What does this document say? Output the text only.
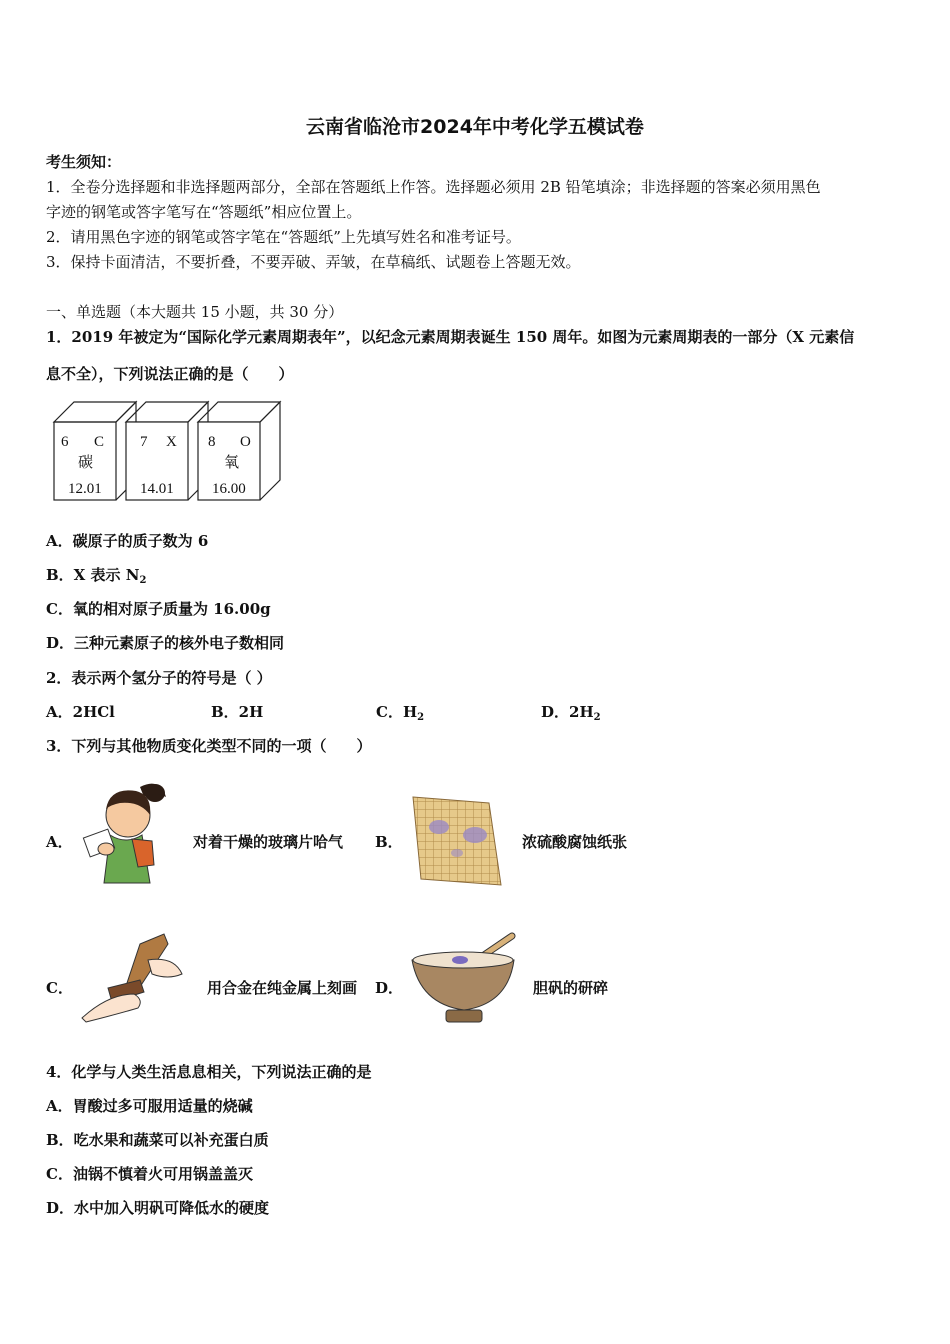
云南省临沧市2024年中考化学五模试卷
考生须知：
1．全卷分选择题和非选择题两部分，全部在答题纸上作答。选择题必须用 2B 铅笔填涂；非选择题的答案必须用黑色
字迹的钢笔或答字笔写在“答题纸”相应位置上。
2．请用黑色字迹的钢笔或答字笔在“答题纸”上先填写姓名和准考证号。
3．保持卡面清洁，不要折叠，不要弄破、弄皱，在草稿纸、试题卷上答题无效。
一、单选题（本大题共 15 小题，共 30 分）
1．2019 年被定为“国际化学元素周期表年”，以纪念元素周期表诞生 150 周年。如图为元素周期表的一部分（X 元素信
息不全），下列说法正确的是（　　）
6 C
碳
12.01
7 X
14.01
8 O
氧
16.00
A．碳原子的质子数为 6
B．X 表示 $N_2$
C．氧的相对原子质量为 16.00g
D．三种元素原子的核外电子数相同
2．表示两个氢分子的符号是（ ）
A．2HCl	B．2H	C．$H_2$	D．$2H_2$
3．下列与其他物质变化类型不同的一项（　　）
A．	对着干燥的玻璃片哈气 B．	浓硫酸腐蚀纸张
C．	用合金在纯金属上刻画 D．	胆矾的研碎
4．化学与人类生活息息相关，下列说法正确的是
A．胃酸过多可服用适量的烧碱
B．吃水果和蔬菜可以补充蛋白质
C．油锅不慎着火可用锅盖盖灭
D．水中加入明矾可降低水的硬度
